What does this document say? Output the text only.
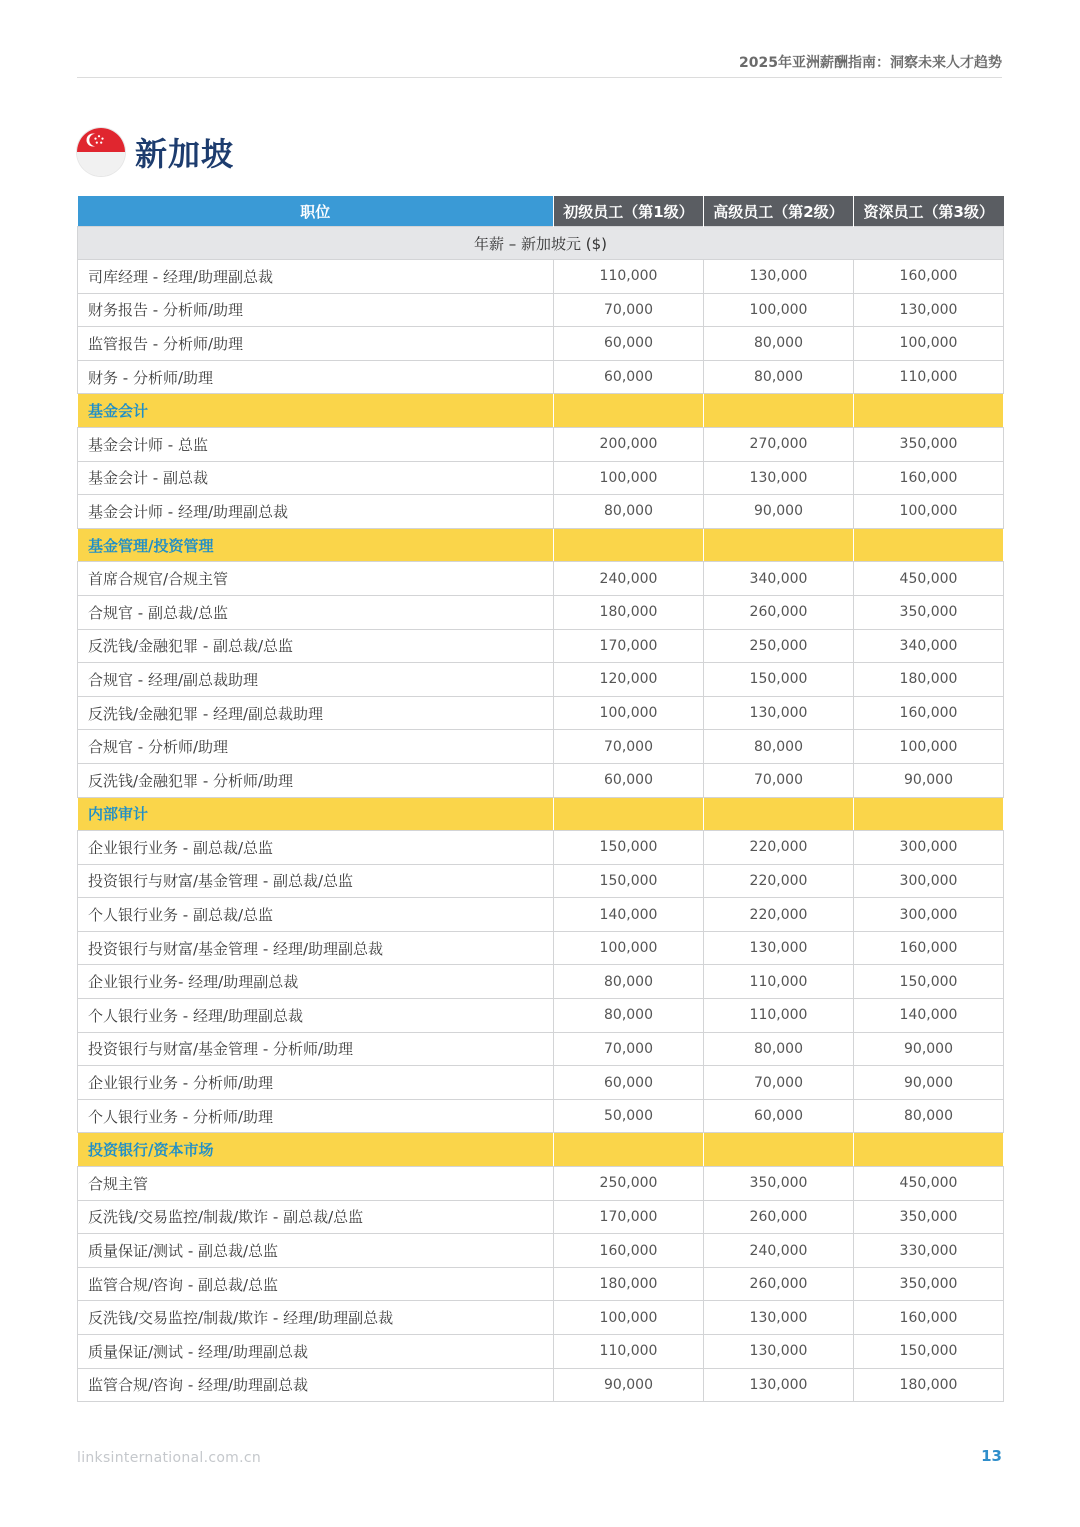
2025年亚洲薪酬指南：洞察未来人才趋势
新加坡
职位	初级员工（第1级）	高级员工（第2级）	资深员工（第3级）
年薪 – 新加坡元 ($)			
司库经理 - 经理/助理副总裁	110,000	130,000	160,000
财务报告 - 分析师/助理	70,000	100,000	130,000
监管报告 - 分析师/助理	60,000	80,000	100,000
财务 - 分析师/助理	60,000	80,000	110,000
基金会计			
基金会计师 - 总监	200,000	270,000	350,000
基金会计 - 副总裁	100,000	130,000	160,000
基金会计师 - 经理/助理副总裁	80,000	90,000	100,000
基金管理/投资管理			
首席合规官/合规主管	240,000	340,000	450,000
合规官 - 副总裁/总监	180,000	260,000	350,000
反洗钱/金融犯罪 - 副总裁/总监	170,000	250,000	340,000
合规官 - 经理/副总裁助理	120,000	150,000	180,000
反洗钱/金融犯罪 - 经理/副总裁助理	100,000	130,000	160,000
合规官 - 分析师/助理	70,000	80,000	100,000
反洗钱/金融犯罪 - 分析师/助理	60,000	70,000	90,000
内部审计			
企业银行业务 - 副总裁/总监	150,000	220,000	300,000
投资银行与财富/基金管理 - 副总裁/总监	150,000	220,000	300,000
个人银行业务 - 副总裁/总监	140,000	220,000	300,000
投资银行与财富/基金管理 - 经理/助理副总裁	100,000	130,000	160,000
企业银行业务- 经理/助理副总裁	80,000	110,000	150,000
个人银行业务 - 经理/助理副总裁	80,000	110,000	140,000
投资银行与财富/基金管理 - 分析师/助理	70,000	80,000	90,000
企业银行业务 - 分析师/助理	60,000	70,000	90,000
个人银行业务 - 分析师/助理	50,000	60,000	80,000
投资银行/资本市场			
合规主管	250,000	350,000	450,000
反洗钱/交易监控/制裁/欺诈 - 副总裁/总监	170,000	260,000	350,000
质量保证/测试 - 副总裁/总监	160,000	240,000	330,000
监管合规/咨询 - 副总裁/总监	180,000	260,000	350,000
反洗钱/交易监控/制裁/欺诈 - 经理/助理副总裁	100,000	130,000	160,000
质量保证/测试 - 经理/助理副总裁	110,000	130,000	150,000
监管合规/咨询 - 经理/助理副总裁	90,000	130,000	180,000
linksinternational.com.cn	13
